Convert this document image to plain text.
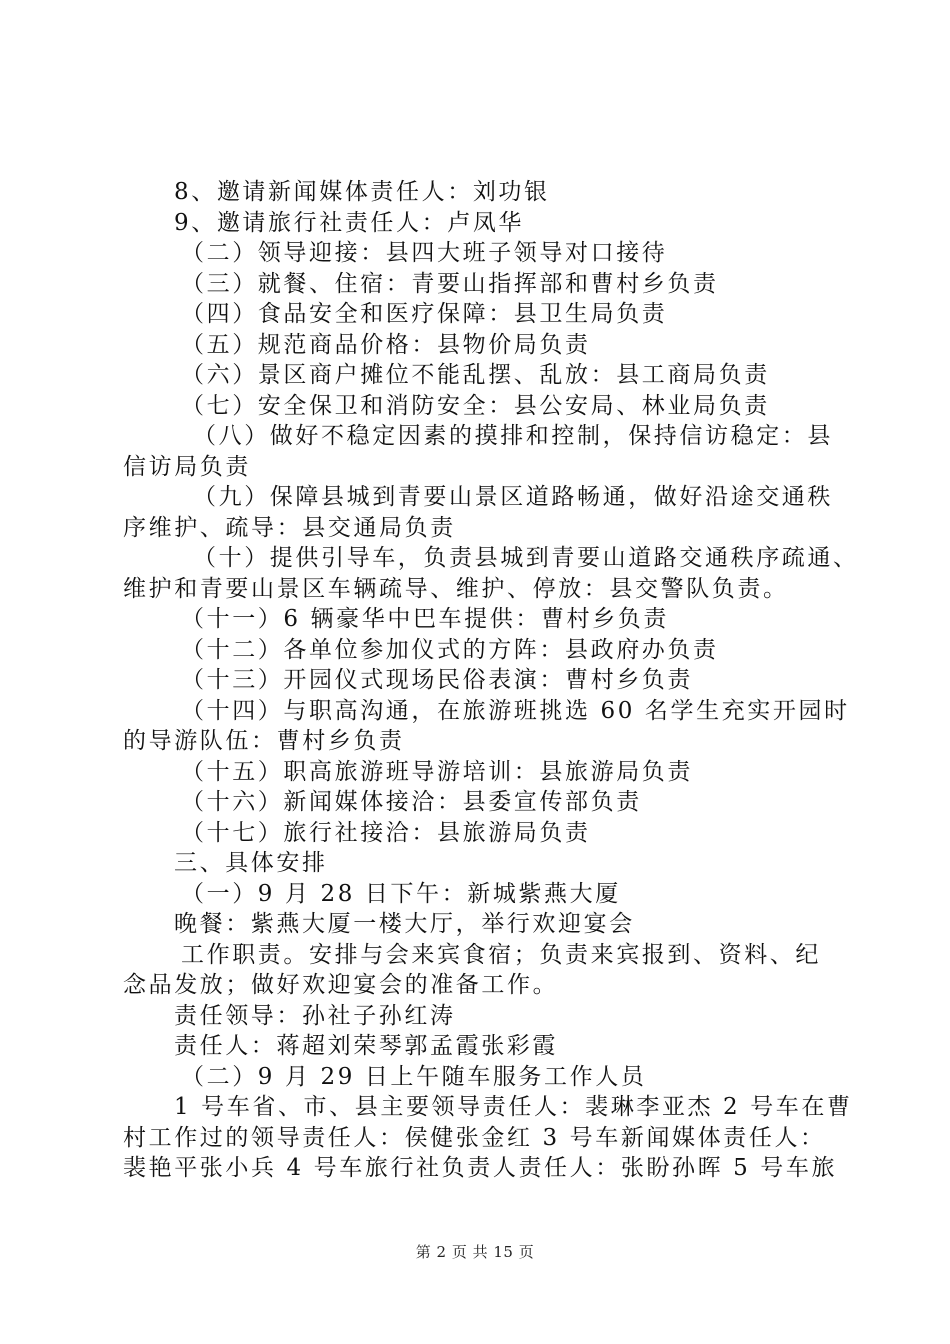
8、邀请新闻媒体责任人：刘功银
9、邀请旅行社责任人：卢凤华
（二）领导迎接：县四大班子领导对口接待
（三）就餐、住宿：青要山指挥部和曹村乡负责
（四）食品安全和医疗保障：县卫生局负责
（五）规范商品价格：县物价局负责
（六）景区商户摊位不能乱摆、乱放：县工商局负责
（七）安全保卫和消防安全：县公安局、林业局负责
（八）做好不稳定因素的摸排和控制，保持信访稳定：县
信访局负责
（九）保障县城到青要山景区道路畅通，做好沿途交通秩
序维护、疏导：县交通局负责
（十）提供引导车，负责县城到青要山道路交通秩序疏通、
维护和青要山景区车辆疏导、维护、停放：县交警队负责。
（十一）6 辆豪华中巴车提供：曹村乡负责
（十二）各单位参加仪式的方阵：县政府办负责
（十三）开园仪式现场民俗表演：曹村乡负责
（十四）与职高沟通，在旅游班挑选 60 名学生充实开园时
的导游队伍：曹村乡负责
（十五）职高旅游班导游培训：县旅游局负责
（十六）新闻媒体接洽：县委宣传部负责
（十七）旅行社接洽：县旅游局负责
三、具体安排
（一）9 月 28 日下午：新城紫燕大厦
晚餐：紫燕大厦一楼大厅，举行欢迎宴会
工作职责。安排与会来宾食宿；负责来宾报到、资料、纪
念品发放；做好欢迎宴会的准备工作。
责任领导：孙社子孙红涛
责任人：蒋超刘荣琴郭孟霞张彩霞
（二）9 月 29 日上午随车服务工作人员
1 号车省、市、县主要领导责任人：裴琳李亚杰 2 号车在曹
村工作过的领导责任人：侯健张金红 3 号车新闻媒体责任人：
裴艳平张小兵 4 号车旅行社负责人责任人：张盼孙晖 5 号车旅
第 2 页 共 15 页
